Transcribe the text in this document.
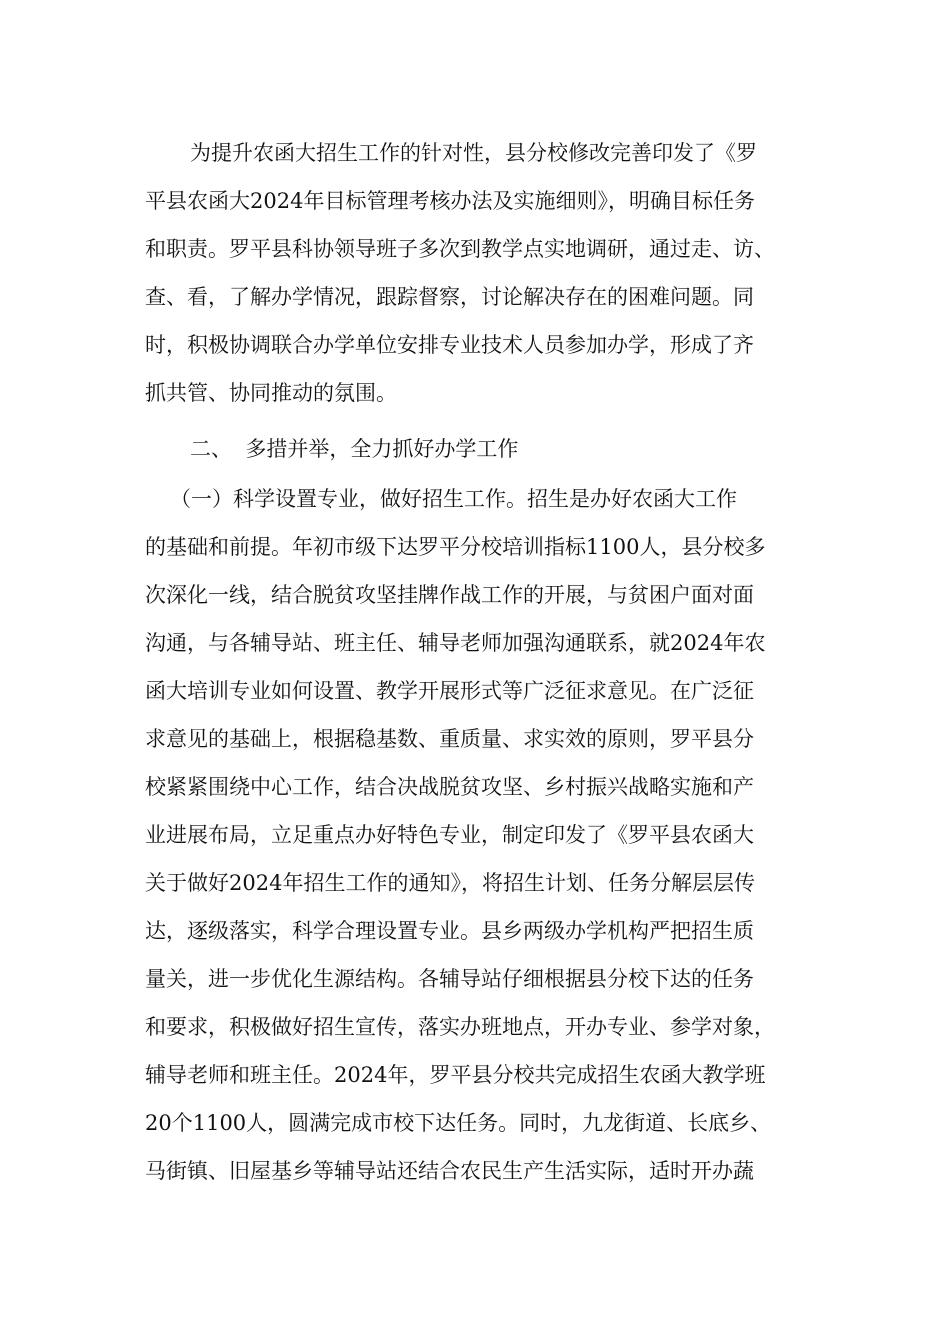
为提升农函大招生工作的针对性，县分校修改完善印发了《罗
平县农函大2024年目标管理考核办法及实施细则》，明确目标任务
和职责。罗平县科协领导班子多次到教学点实地调研，通过走、访、
查、看，了解办学情况，跟踪督察，讨论解决存在的困难问题。同
时，积极协调联合办学单位安排专业技术人员参加办学，形成了齐
抓共管、协同推动的氛围。
二、  多措并举，全力抓好办学工作
（一）科学设置专业，做好招生工作。招生是办好农函大工作
的基础和前提。年初市级下达罗平分校培训指标1100人，县分校多
次深化一线，结合脱贫攻坚挂牌作战工作的开展，与贫困户面对面
沟通，与各辅导站、班主任、辅导老师加强沟通联系，就2024年农
函大培训专业如何设置、教学开展形式等广泛征求意见。在广泛征
求意见的基础上，根据稳基数、重质量、求实效的原则，罗平县分
校紧紧围绕中心工作，结合决战脱贫攻坚、乡村振兴战略实施和产
业进展布局，立足重点办好特色专业，制定印发了《罗平县农函大
关于做好2024年招生工作的通知》，将招生计划、任务分解层层传
达，逐级落实，科学合理设置专业。县乡两级办学机构严把招生质
量关，进一步优化生源结构。各辅导站仔细根据县分校下达的任务
和要求，积极做好招生宣传，落实办班地点，开办专业、参学对象，
辅导老师和班主任。2024年，罗平县分校共完成招生农函大教学班
20个1100人，圆满完成市校下达任务。同时，九龙街道、长底乡、
马街镇、旧屋基乡等辅导站还结合农民生产生活实际，适时开办蔬
